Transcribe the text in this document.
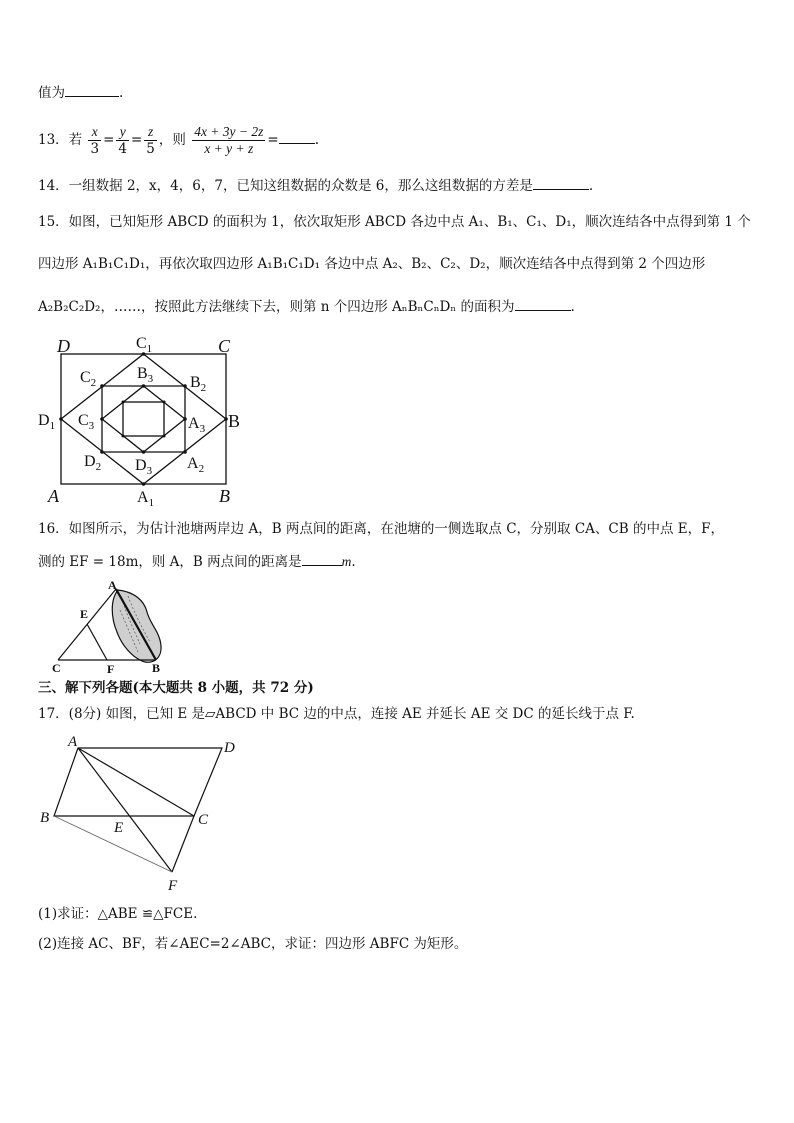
值为	.
13．若 $\frac{x}{3} = \frac{y}{4} = \frac{z}{5}$ ，则 $\frac{4x + 3y - 2z}{x + y + z}$ =	.
14．一组数据 2，x，4，6，7，已知这组数据的众数是 6，那么这组数据的方差是	.
15．如图，已知矩形 ABCD 的面积为 1，依次取矩形 ABCD 各边中点 A₁、B₁、C₁、D₁，顺次连结各中点得到第 1 个
四边形 A₁B₁C₁D₁，再依次取四边形 A₁B₁C₁D₁ 各边中点 A₂、B₂、C₂、D₂，顺次连结各中点得到第 2 个四边形
A₂B₂C₂D₂，……，按照此方法继续下去，则第 n 个四边形 AₙBₙCₙDₙ 的面积为	.
D	C
A	B
B
$C_1$
$D_1$
$A_1$
$C_2$	$B_2$
$D_2$	$A_2$
$B_3$
$C_3$	$A_3$
$D_3$
16．如图所示，为估计池塘两岸边 A，B 两点间的距离，在池塘的一侧选取点 C，分别取 CA、CB 的中点 E，F，
测的 EF = 18m，则 A，B 两点间的距离是	m.
A
E
C	F	B
三、解下列各题(本大题共 8 小题，共 72 分)
17．(8分) 如图，已知 E 是▱ABCD 中 BC 边的中点，连接 AE 并延长 AE 交 DC 的延长线于点 F.
A	D
B
E	C
F
(1)求证：△ABE ≌△FCE.
(2)连接 AC、BF，若∠AEC=2∠ABC，求证：四边形 ABFC 为矩形。
